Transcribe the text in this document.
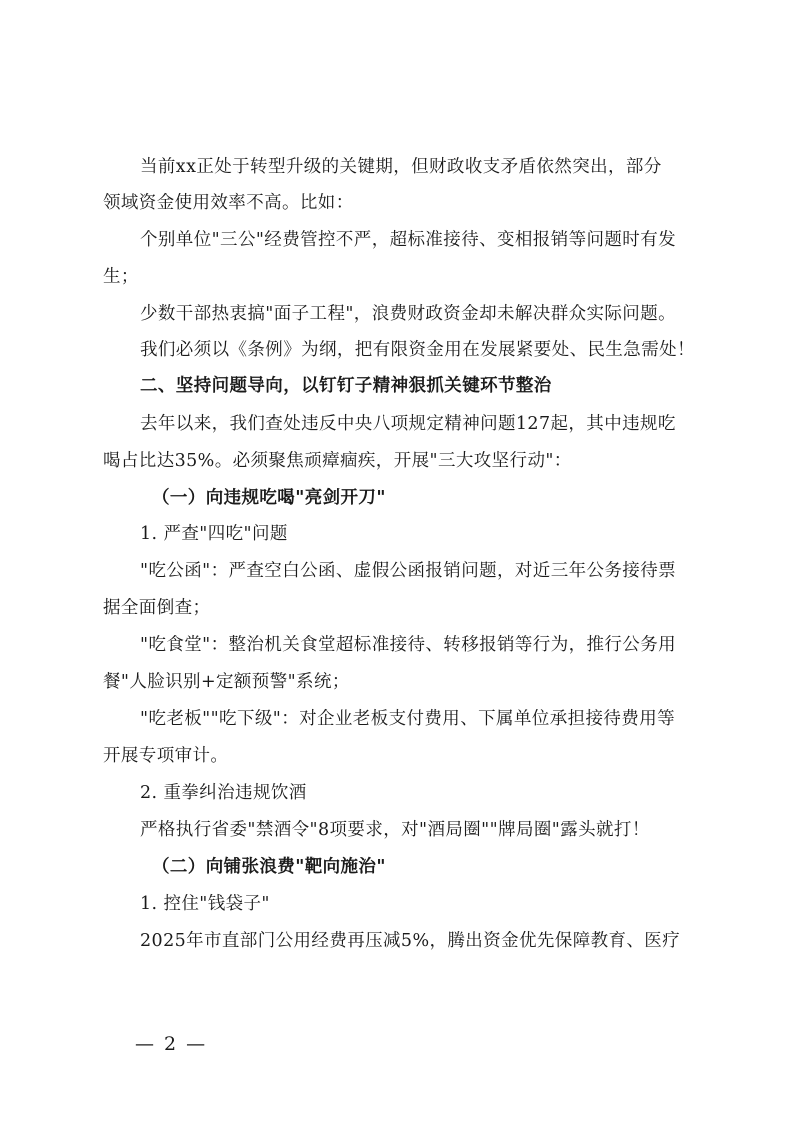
当前xx正处于转型升级的关键期，但财政收支矛盾依然突出，部分
领域资金使用效率不高。比如：
个别单位"三公"经费管控不严，超标准接待、变相报销等问题时有发
生；
少数干部热衷搞"面子工程"，浪费财政资金却未解决群众实际问题。
我们必须以《条例》为纲，把有限资金用在发展紧要处、民生急需处！
二、坚持问题导向，以钉钉子精神狠抓关键环节整治
去年以来，我们查处违反中央八项规定精神问题127起，其中违规吃
喝占比达35%。必须聚焦顽瘴痼疾，开展"三大攻坚行动"：
（一）向违规吃喝"亮剑开刀"
1. 严查"四吃"问题
"吃公函"：严查空白公函、虚假公函报销问题，对近三年公务接待票
据全面倒查；
"吃食堂"：整治机关食堂超标准接待、转移报销等行为，推行公务用
餐"人脸识别+定额预警"系统；
"吃老板""吃下级"：对企业老板支付费用、下属单位承担接待费用等
开展专项审计。
2. 重拳纠治违规饮酒
严格执行省委"禁酒令"8项要求，对"酒局圈""牌局圈"露头就打！
（二）向铺张浪费"靶向施治"
1. 控住"钱袋子"
2025年市直部门公用经费再压减5%，腾出资金优先保障教育、医疗
— 2 —
